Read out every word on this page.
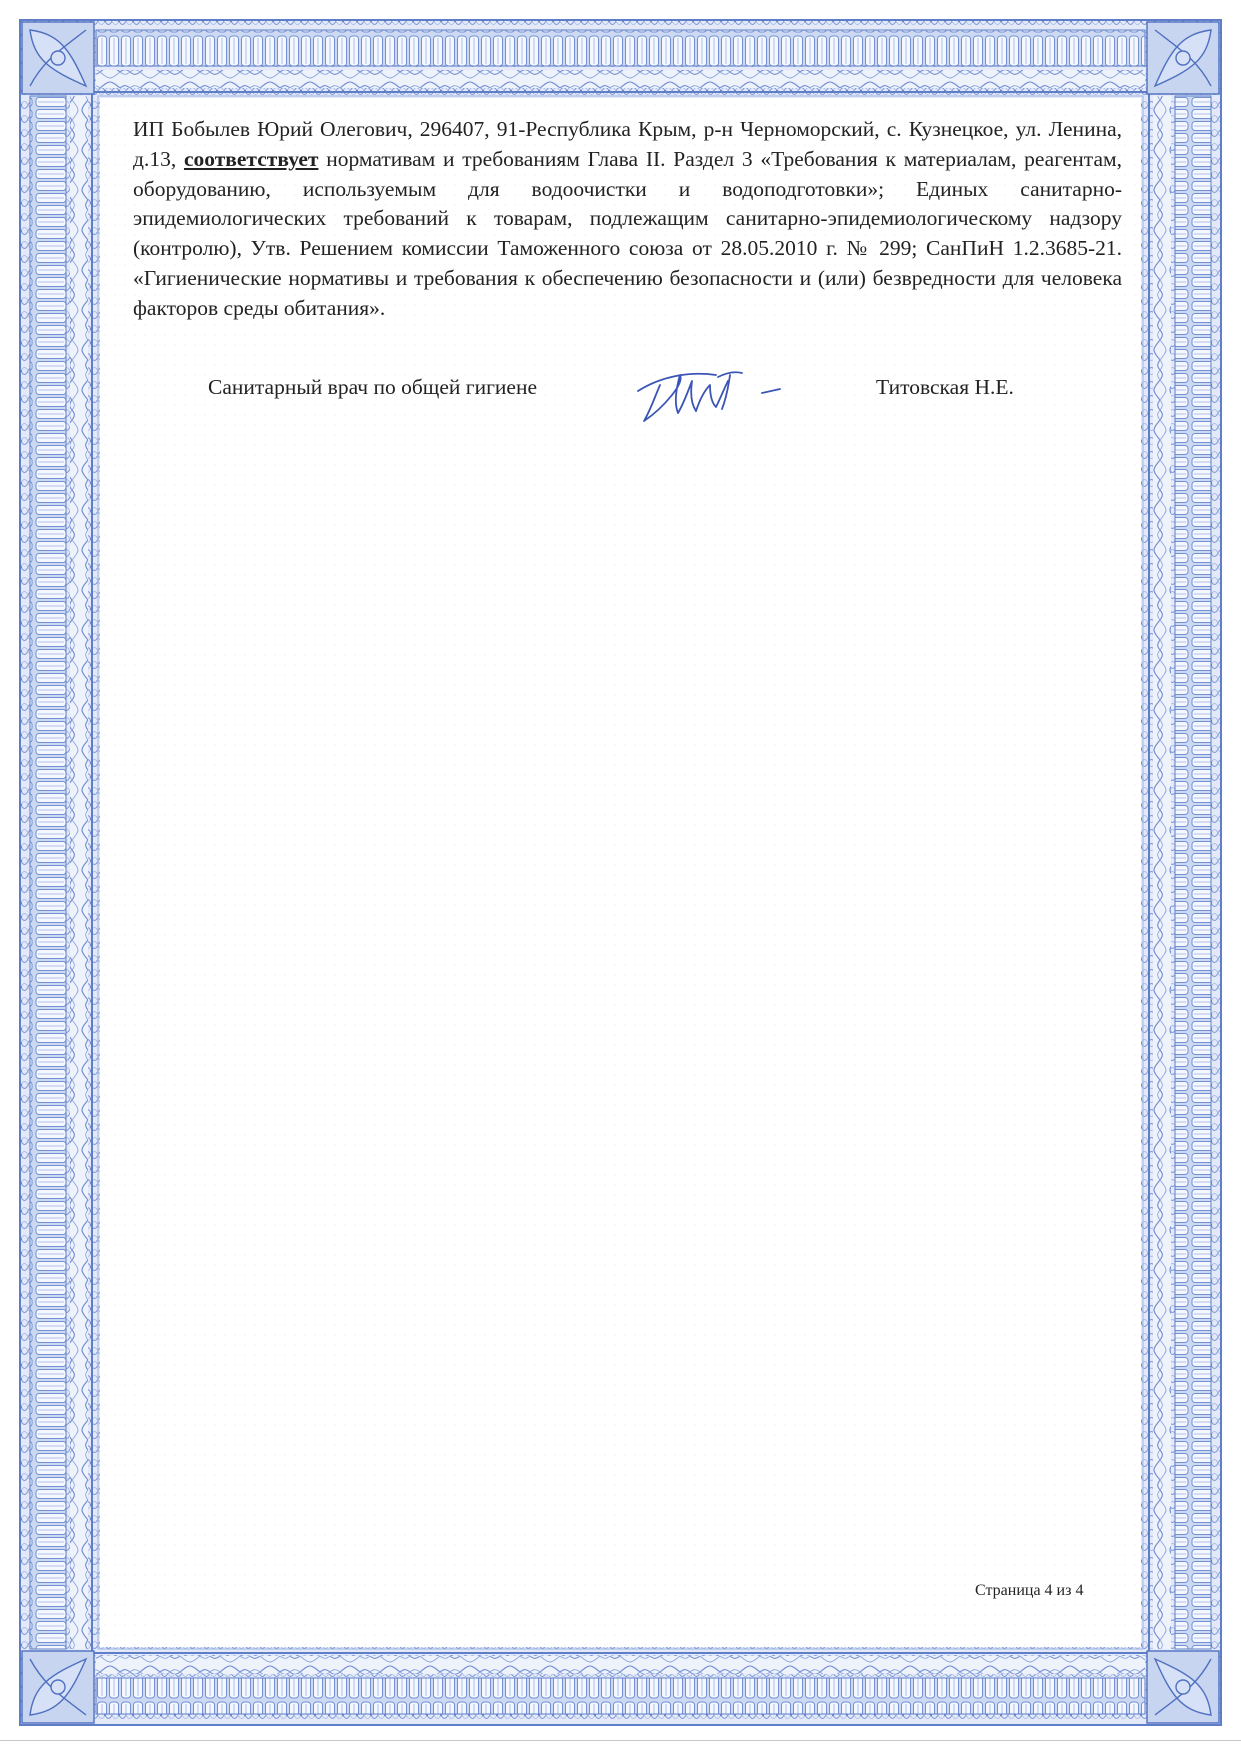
ИП Бобылев Юрий Олегович, 296407, 91-Республика Крым, р-н Черноморский, с. Кузнецкое, ул. Ленина, д.13, соответствует нормативам и требованиям Глава II. Раздел 3 «Требования к материалам, реагентам, оборудованию, используемым для водоочистки и водоподготовки»; Единых санитарно-эпидемиологических требований к товарам, подлежащим санитарно-эпидемиологическому надзору (контролю), Утв. Решением комиссии Таможенного союза от 28.05.2010 г. № 299; СанПиН 1.2.3685-21. «Гигиенические нормативы и требования к обеспечению безопасности и (или) безвредности для человека факторов среды обитания».

Санитарный врач по общей гигиене	Титовская Н.Е.
Страница 4 из 4
